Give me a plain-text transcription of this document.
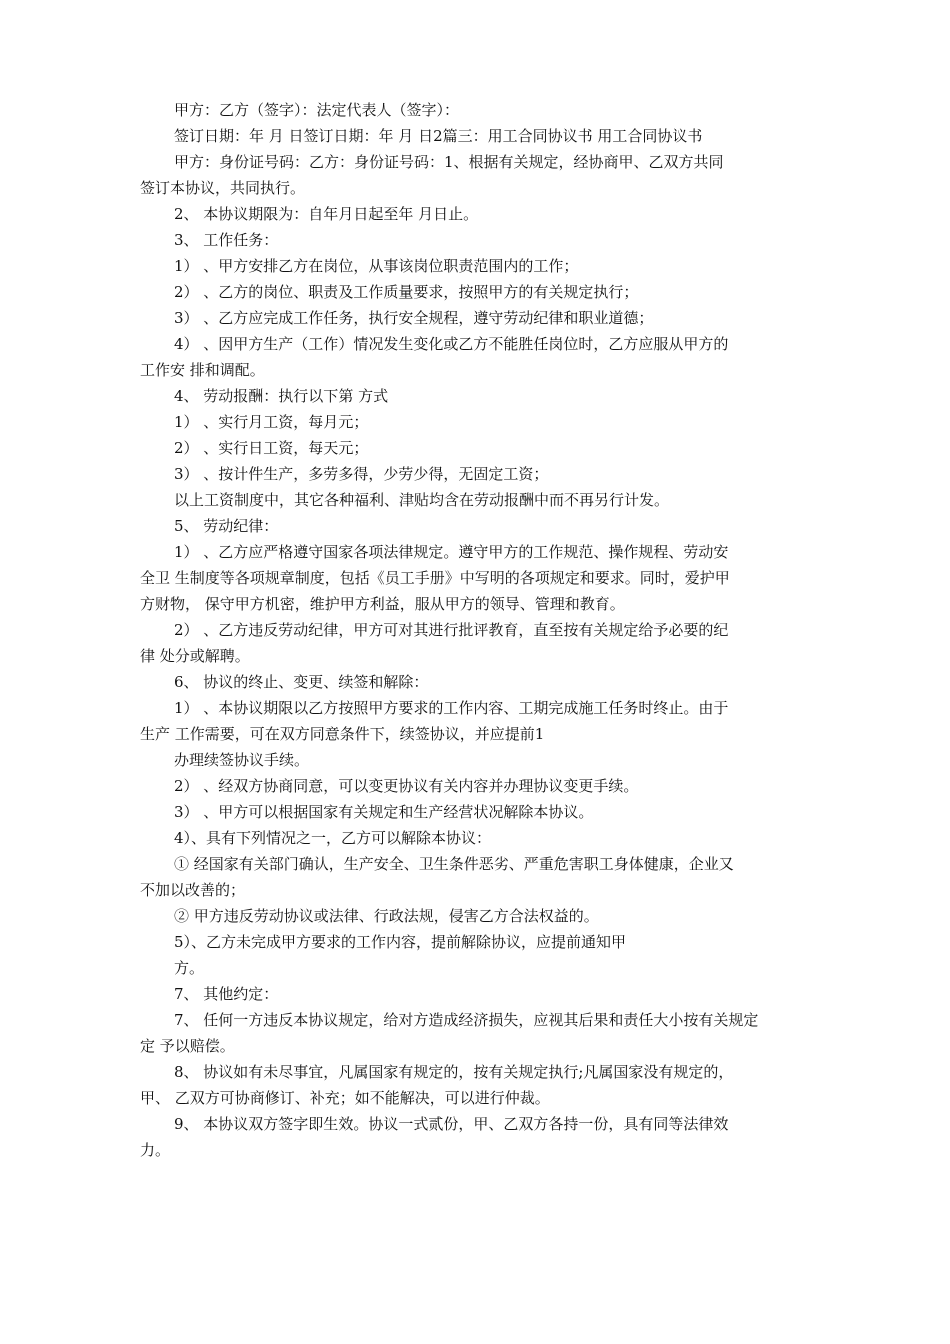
甲方：乙方（签字）：法定代表人（签字）：
签订日期：年 月 日签订日期：年 月 日2篇三：用工合同协议书 用工合同协议书
甲方：身份证号码：乙方：身份证号码：1、根据有关规定，经协商甲、乙双方共同
签订本协议，共同执行。
2、 本协议期限为：自年月日起至年 月日止。
3、 工作任务：
1） 、甲方安排乙方在岗位，从事该岗位职责范围内的工作；
2） 、乙方的岗位、职责及工作质量要求，按照甲方的有关规定执行；
3） 、乙方应完成工作任务，执行安全规程，遵守劳动纪律和职业道德；
4） 、因甲方生产（工作）情况发生变化或乙方不能胜任岗位时，乙方应服从甲方的
工作安 排和调配。
4、 劳动报酬：执行以下第 方式
1） 、实行月工资，每月元；
2） 、实行日工资，每天元；
3） 、按计件生产，多劳多得，少劳少得，无固定工资；
以上工资制度中，其它各种福利、津贴均含在劳动报酬中而不再另行计发。
5、 劳动纪律：
1） 、乙方应严格遵守国家各项法律规定。遵守甲方的工作规范、操作规程、劳动安
全卫 生制度等各项规章制度，包括《员工手册》中写明的各项规定和要求。同时，爱护甲
方财物， 保守甲方机密，维护甲方利益，服从甲方的领导、管理和教育。
2） 、乙方违反劳动纪律，甲方可对其进行批评教育，直至按有关规定给予必要的纪
律 处分或解聘。
6、 协议的终止、变更、续签和解除：
1） 、本协议期限以乙方按照甲方要求的工作内容、工期完成施工任务时终止。由于
生产 工作需要，可在双方同意条件下，续签协议，并应提前1
办理续签协议手续。
2） 、经双方协商同意，可以变更协议有关内容并办理协议变更手续。
3） 、甲方可以根据国家有关规定和生产经营状况解除本协议。
4）、具有下列情况之一，乙方可以解除本协议：
① 经国家有关部门确认，生产安全、卫生条件恶劣、严重危害职工身体健康，企业又
不加以改善的；
② 甲方违反劳动协议或法律、行政法规，侵害乙方合法权益的。
5）、乙方未完成甲方要求的工作内容，提前解除协议，应提前通知甲
方。
7、 其他约定：
7、 任何一方违反本协议规定，给对方造成经济损失，应视其后果和责任大小按有关规定
定 予以赔偿。
8、 协议如有未尽事宜，凡属国家有规定的，按有关规定执行;凡属国家没有规定的，
甲、 乙双方可协商修订、补充；如不能解决，可以进行仲裁。
9、 本协议双方签字即生效。协议一式贰份，甲、乙双方各持一份，具有同等法律效
力。
